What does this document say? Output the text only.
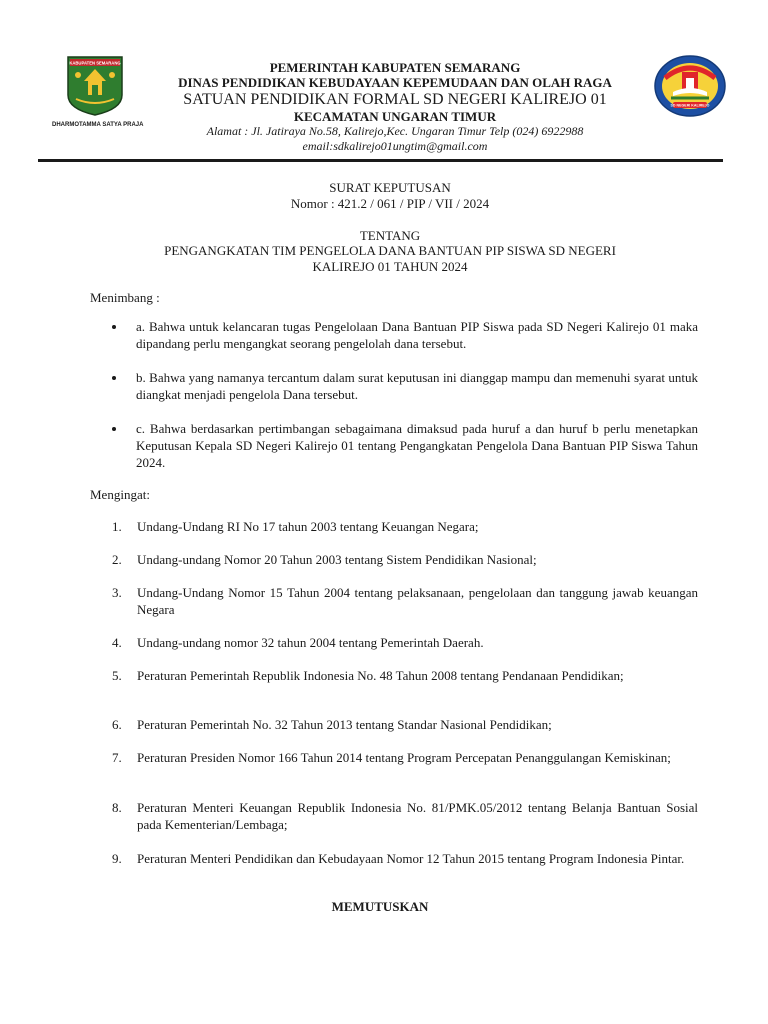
KABUPATEN SEMARANG
DHARMOTAMMA SATYA PRAJA
SD NEGERI KALIREJO
PEMERINTAH KABUPATEN SEMARANG
DINAS PENDIDIKAN KEBUDAYAAN KEPEMUDAAN DAN OLAH RAGA
SATUAN PENDIDIKAN FORMAL SD NEGERI KALIREJO 01
KECAMATAN UNGARAN TIMUR
Alamat : Jl. Jatiraya No.58, Kalirejo,Kec. Ungaran Timur Telp (024) 6922988
email:sdkalirejo01ungtim@gmail.com
SURAT KEPUTUSAN
Nomor : 421.2 / 061 / PIP / VII / 2024
TENTANG
PENGANGKATAN TIM PENGELOLA DANA BANTUAN PIP SISWA SD NEGERI
KALIREJO 01 TAHUN 2024
Menimbang :
a. Bahwa untuk kelancaran tugas Pengelolaan Dana Bantuan PIP Siswa pada SD Negeri Kalirejo 01 maka dipandang perlu mengangkat seorang pengelolah dana tersebut.
b. Bahwa yang namanya tercantum dalam surat keputusan ini dianggap mampu dan memenuhi syarat untuk diangkat menjadi pengelola Dana tersebut.
c. Bahwa berdasarkan pertimbangan sebagaimana dimaksud pada huruf a dan huruf b perlu menetapkan Keputusan Kepala SD Negeri Kalirejo 01 tentang Pengangkatan Pengelola Dana Bantuan PIP Siswa Tahun 2024.
Mengingat:
1.	Undang-Undang RI No 17 tahun 2003 tentang Keuangan Negara;
2.	Undang-undang Nomor 20 Tahun 2003 tentang Sistem Pendidikan Nasional;
3.	Undang-Undang Nomor 15 Tahun 2004 tentang pelaksanaan, pengelolaan dan tanggung jawab keuangan Negara
4.	Undang-undang nomor 32 tahun 2004 tentang Pemerintah Daerah.
5.	Peraturan Pemerintah Republik Indonesia No. 48 Tahun 2008 tentang Pendanaan Pendidikan;
6.	Peraturan Pemerintah No. 32 Tahun 2013 tentang Standar Nasional Pendidikan;
7.	Peraturan Presiden Nomor 166 Tahun 2014 tentang Program Percepatan Penanggulangan Kemiskinan;
8.	Peraturan Menteri Keuangan Republik Indonesia No. 81/PMK.05/2012 tentang Belanja Bantuan Sosial pada Kementerian/Lembaga;
9.	Peraturan Menteri Pendidikan dan Kebudayaan Nomor 12 Tahun 2015 tentang Program Indonesia Pintar.
MEMUTUSKAN
